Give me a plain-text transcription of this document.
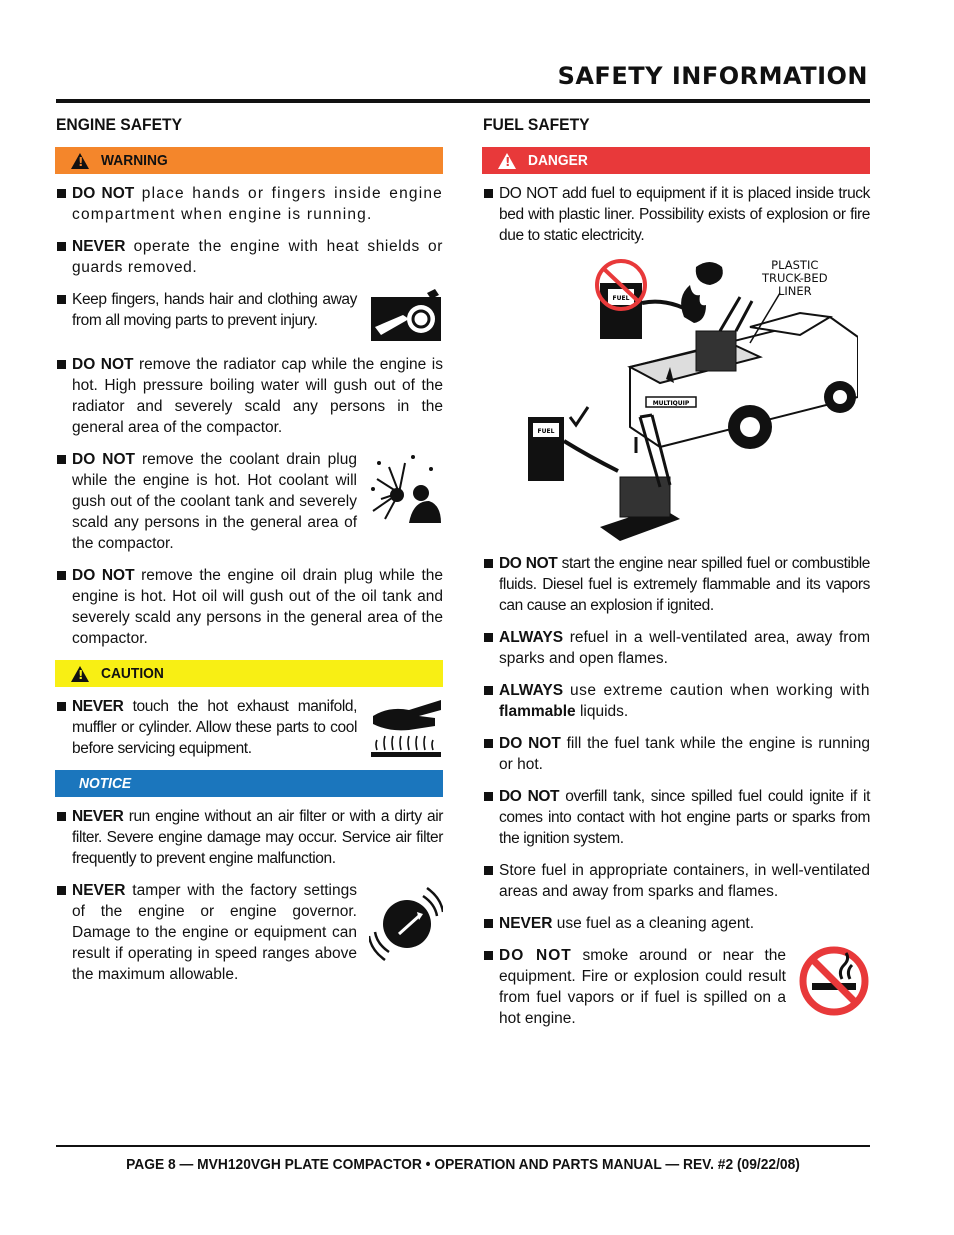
SAFETY INFORMATION
ENGINE SAFETY
!
WARNING
DO NOT place hands or fingers inside engine compartment when engine is running.
NEVER operate the engine with heat shields or guards removed.
Keep fingers, hands hair and clothing away from all moving parts to prevent injury.
DO NOT remove the radiator cap while the engine is hot. High pressure boiling water will gush out of the radiator and severely scald any persons in the general area of the compactor.
DO NOT remove the coolant drain plug while the engine is hot. Hot coolant will gush out of the coolant tank and severely scald any persons in the general area of the compactor.
DO NOT remove the engine oil drain plug while the engine is hot. Hot oil will gush out of the oil tank and severely scald any persons in the general area of the compactor.
!
CAUTION
NEVER touch the hot exhaust manifold, muffler or cylinder. Allow these parts to cool before servicing equipment.
NOTICE
NEVER run engine without an air filter or with a dirty air filter. Severe engine damage may occur. Service air filter frequently to prevent engine malfunction.
NEVER tamper with the factory settings of the engine or engine governor. Damage to the engine or equipment can result if operating in speed ranges above the maximum allowable.
FUEL SAFETY
!
DANGER
DO NOT add fuel to equipment if it is placed inside truck bed with plastic liner. Possibility exists of explosion or fire due to static electricity.
PLASTIC
TRUCK-BED
LINER
FUEL
MULTIQUIP
FUEL
DO NOT start the engine near spilled fuel or combustible fluids. Diesel fuel is extremely flammable and its vapors can cause an explosion if ignited.
ALWAYS refuel in a well-ventilated area, away from sparks and open flames.
ALWAYS use extreme caution when working with flammable liquids.
DO NOT fill the fuel tank while the engine is running or hot.
DO NOT overfill tank, since spilled fuel could ignite if it comes into contact with hot engine parts or sparks from the ignition system.
Store fuel in appropriate containers, in well-ventilated areas and away from sparks and flames.
NEVER use fuel as a cleaning agent.
DO NOT smoke around or near the equipment. Fire or explosion could result from fuel vapors or if fuel is spilled on a hot engine.
PAGE 8 — MVH120VGH PLATE COMPACTOR • OPERATION AND PARTS MANUAL — REV. #2 (09/22/08)
